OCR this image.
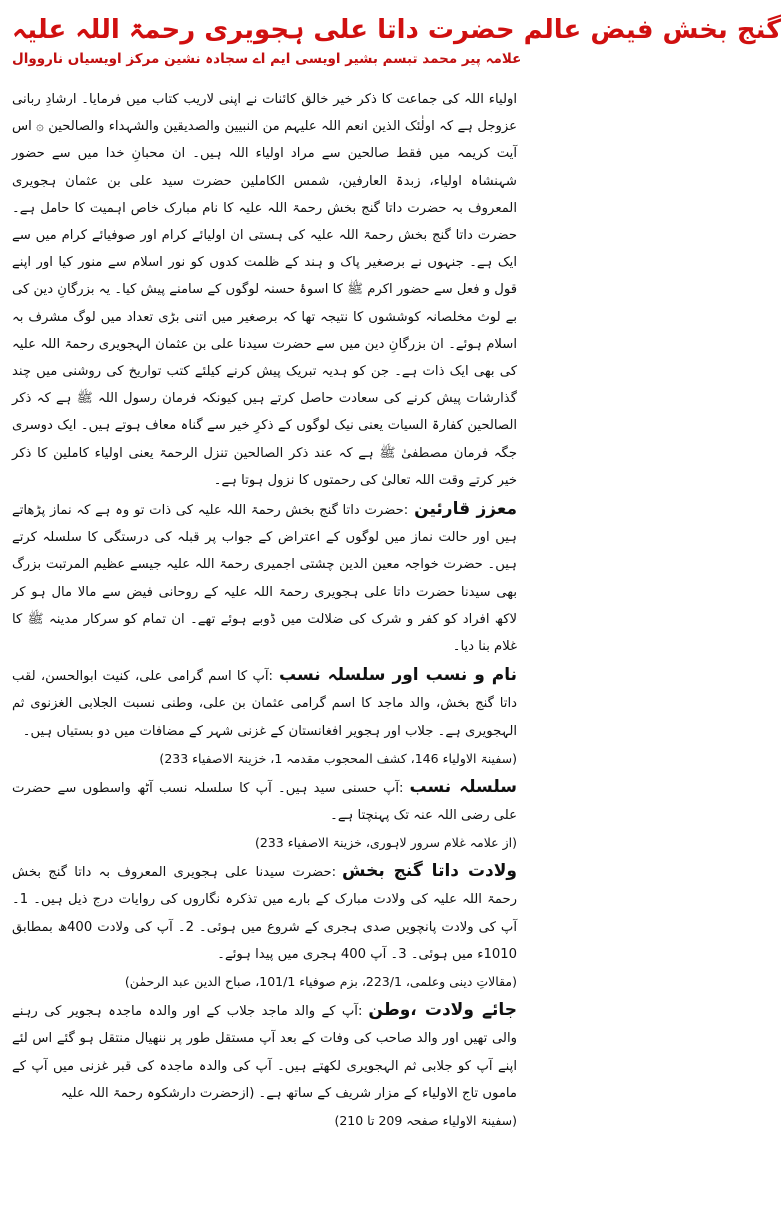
گنج بخش فیض عالم حضرت داتا علی ہجویری رحمۃ اللہ علیہ
علامہ پیر محمد تبسم بشیر اویسی ایم اے سجادہ نشین مرکز اویسیاں نارووال

اولیاء اللہ کی جماعت کا ذکر خیر خالق کائنات نے اپنی لاریب کتاب میں فرمایا۔ ارشادِ ربانی عزوجل ہے کہ اولٰئک الذین انعم اللہ علیہم من النبیین والصدیقین والشہداء والصالحین ۞ اس آیت کریمہ میں فقط صالحین سے مراد اولیاء اللہ ہیں۔ ان محبانِ خدا میں سے حضور شہنشاہ اولیاء، زبدۃ العارفین، شمس الکاملین حضرت سید علی بن عثمان ہجویری المعروف بہ حضرت داتا گنج بخش رحمۃ اللہ علیہ کا نام مبارک خاص اہمیت کا حامل ہے۔ حضرت داتا گنج بخش رحمۃ اللہ علیہ کی ہستی ان اولیائے کرام اور صوفیائے کرام میں سے ایک ہے۔ جنہوں نے برصغیر پاک و ہند کے ظلمت کدوں کو نور اسلام سے منور کیا اور اپنے قول و فعل سے حضور اکرم ﷺ کا اسوۂ حسنہ لوگوں کے سامنے پیش کیا۔ یہ بزرگانِ دین کی بے لوث مخلصانہ کوششوں کا نتیجہ تھا کہ برصغیر میں اتنی بڑی تعداد میں لوگ مشرف بہ اسلام ہوئے۔ ان بزرگانِ دین میں سے حضرت سیدنا علی بن عثمان الہجویری رحمۃ اللہ علیہ کی بھی ایک ذات ہے۔ جن کو ہدیہ تبریک پیش کرنے کیلئے کتب تواریخ کی روشنی میں چند گذارشات پیش کرنے کی سعادت حاصل کرتے ہیں کیونکہ فرمان رسول اللہ ﷺ ہے کہ ذکر الصالحین کفارۃ السیات یعنی نیک لوگوں کے ذکرِ خیر سے گناہ معاف ہوتے ہیں۔ ایک دوسری جگہ فرمان مصطفیٰ ﷺ ہے کہ عند ذکر الصالحین تنزل الرحمۃ یعنی اولیاء کاملین کا ذکر خیر کرتے وقت اللہ تعالیٰ کی رحمتوں کا نزول ہوتا ہے۔

معزز قارئین:حضرت داتا گنج بخش رحمۃ اللہ علیہ کی ذات تو وہ ہے کہ نماز پڑھاتے ہیں اور حالت نماز میں لوگوں کے اعتراض کے جواب پر قبلہ کی درستگی کا سلسلہ کرتے ہیں۔ حضرت خواجہ معین الدین چشتی اجمیری رحمۃ اللہ علیہ جیسے عظیم المرتبت بزرگ بھی سیدنا حضرت داتا علی ہجویری رحمۃ اللہ علیہ کے روحانی فیض سے مالا مال ہو کر لاکھ افراد کو کفر و شرک کی ضلالت میں ڈوبے ہوئے تھے۔ ان تمام کو سرکار مدینہ ﷺ کا غلام بنا دیا۔

نام و نسب اور سلسلہ نسب:آپ کا اسم گرامی علی، کنیت ابوالحسن، لقب داتا گنج بخش، والد ماجد کا اسم گرامی عثمان بن علی، وطنی نسبت الجلابی الغزنوی ثم الہجویری ہے۔ جلاب اور ہجویر افغانستان کے غزنی شہر کے مضافات میں دو بستیاں ہیں۔
(سفینۃ الاولیاء 146، کشف المحجوب مقدمہ 1، خزینۃ الاصفیاء 233)

سلسلہ نسب:آپ حسنی سید ہیں۔ آپ کا سلسلہ نسب آٹھ واسطوں سے حضرت علی رضی اللہ عنہ تک پہنچتا ہے۔
(از علامہ غلام سرور لاہوری، خزینۃ الاصفیاء 233)

ولادت داتا گنج بخش:حضرت سیدنا علی ہجویری المعروف بہ داتا گنج بخش رحمۃ اللہ علیہ کی ولادت مبارک کے بارے میں تذکرہ نگاروں کی روایات درج ذیل ہیں۔ 1۔ آپ کی ولادت پانچویں صدی ہجری کے شروع میں ہوئی۔ 2۔ آپ کی ولادت 400ھ بمطابق 1010ء میں ہوئی۔ 3۔ آپ 400 ہجری میں پیدا ہوئے۔
(مقالاتِ دینی وعلمی، 223/1، بزم صوفیاء 101/1، صباح الدین عبد الرحمٰن)

جائے ولادت ،وطن:آپ کے والد ماجد جلاب کے اور والدہ ماجدہ ہجویر کی رہنے والی تھیں اور والد صاحب کی وفات کے بعد آپ مستقل طور پر ننھیال منتقل ہو گئے اس لئے اپنے آپ کو جلابی ثم الہجویری لکھتے ہیں۔ آپ کی والدہ ماجدہ کی قبر غزنی میں آپ کے ماموں تاج الاولیاء کے مزار شریف کے ساتھ ہے۔ (ازحضرت دارشکوہ رحمۃ اللہ علیہ
(سفینۃ الاولیاء صفحہ 209 تا 210)
